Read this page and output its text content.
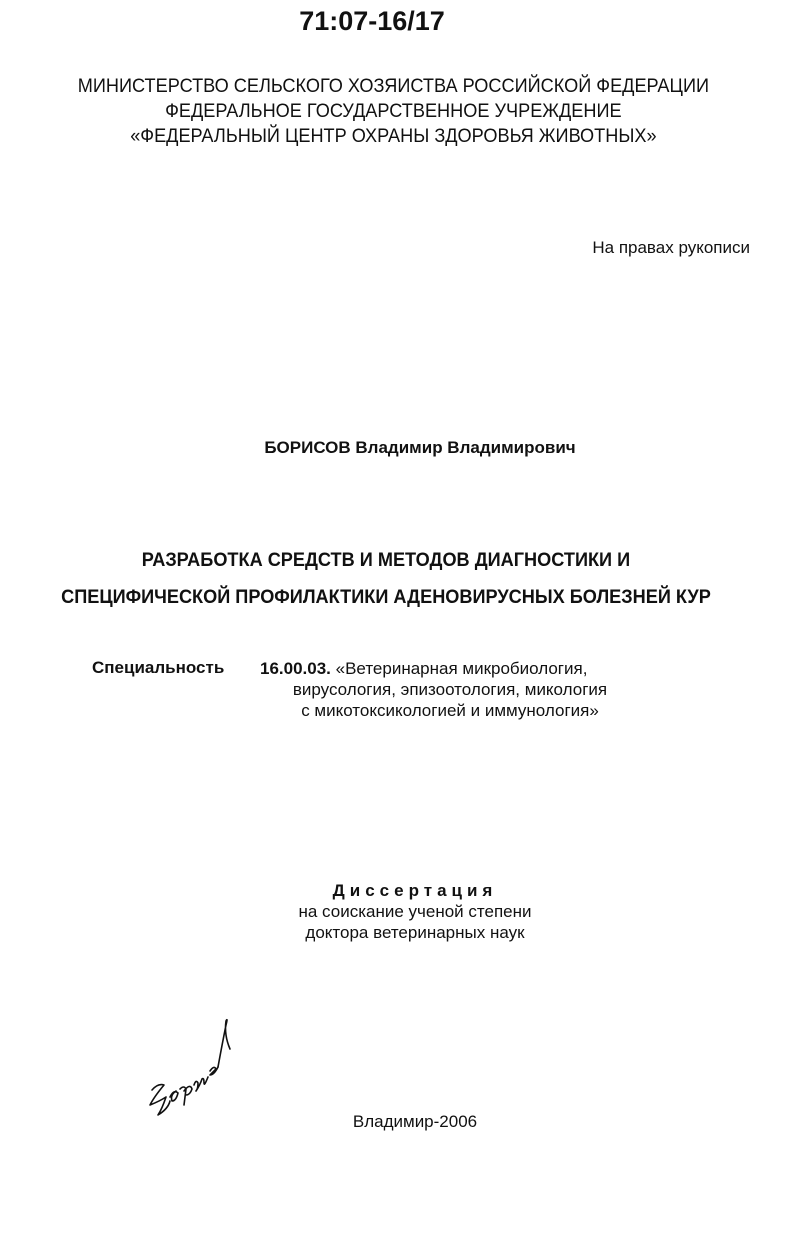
71:07-16/17
МИНИСТЕРСТВО СЕЛЬСКОГО ХОЗЯИСТВА РОССИЙСКОЙ ФЕДЕРАЦИИ
ФЕДЕРАЛЬНОЕ ГОСУДАРСТВЕННОЕ УЧРЕЖДЕНИЕ
«ФЕДЕРАЛЬНЫЙ ЦЕНТР ОХРАНЫ ЗДОРОВЬЯ ЖИВОТНЫХ»
На правах рукописи
БОРИСОВ Владимир Владимирович
РАЗРАБОТКА СРЕДСТВ И МЕТОДОВ ДИАГНОСТИКИ И
СПЕЦИФИЧЕСКОЙ ПРОФИЛАКТИКИ АДЕНОВИРУСНЫХ БОЛЕЗНЕЙ КУР
Специальность 16.00.03. «Ветеринарная микробиология,
вирусология, эпизоотология, микология
с микотоксикологией и иммунология»
Диссертация
на соискание ученой степени
доктора ветеринарных наук
Владимир-2006
